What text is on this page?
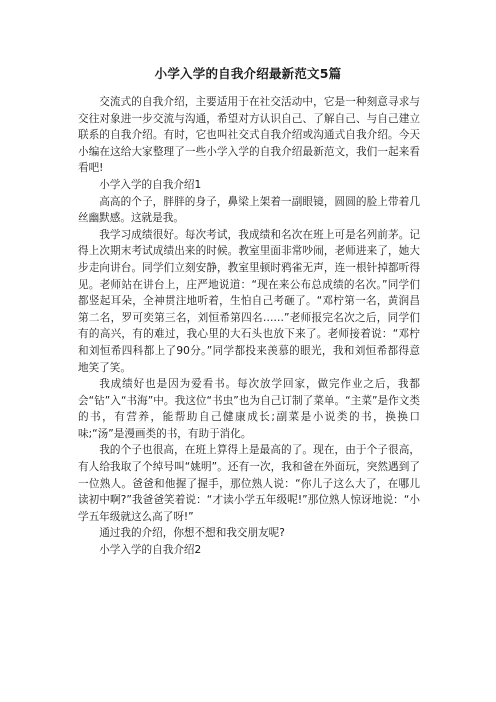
小学入学的自我介绍最新范文5篇

交流式的自我介绍，主要适用于在社交活动中，它是一种刻意寻求与交往对象进一步交流与沟通，希望对方认识自己、了解自己、与自己建立联系的自我介绍。有时，它也叫社交式自我介绍或沟通式自我介绍。今天小编在这给大家整理了一些小学入学的自我介绍最新范文，我们一起来看看吧!

小学入学的自我介绍1

高高的个子，胖胖的身子，鼻梁上架着一副眼镜，圆圆的脸上带着几丝幽默感。这就是我。

我学习成绩很好。每次考试，我成绩和名次在班上可是名列前茅。记得上次期末考试成绩出来的时候。教室里面非常吵闹，老师进来了，她大步走向讲台。同学们立刻安静，教室里顿时鸦雀无声，连一根针掉都听得见。老师站在讲台上，庄严地说道：“现在来公布总成绩的名次。”同学们都竖起耳朵，全神贯注地听着，生怕自己考砸了。“邓柠第一名，黄润昌第二名，罗可奕第三名，刘恒希第四名……”老师报完名次之后，同学们有的高兴，有的难过，我心里的大石头也放下来了。老师接着说：“邓柠和刘恒希四科都上了90分。”同学都投来羡慕的眼光，我和刘恒希都得意地笑了笑。

我成绩好也是因为爱看书。每次放学回家，做完作业之后，我都会“钻”入“书海”中。我这位“书虫”也为自己订制了菜单。“主菜”是作文类的书，有营养，能帮助自己健康成长;副菜是小说类的书，换换口味;“汤”是漫画类的书，有助于消化。

我的个子也很高，在班上算得上是最高的了。现在，由于个子很高，有人给我取了个绰号叫“姚明”。还有一次，我和爸在外面玩，突然遇到了一位熟人。爸爸和他握了握手，那位熟人说：“你儿子这么大了，在哪儿读初中啊?”我爸爸笑着说：“才读小学五年级呢!”那位熟人惊讶地说：“小学五年级就这么高了呀!”

通过我的介绍，你想不想和我交朋友呢?

小学入学的自我介绍2
